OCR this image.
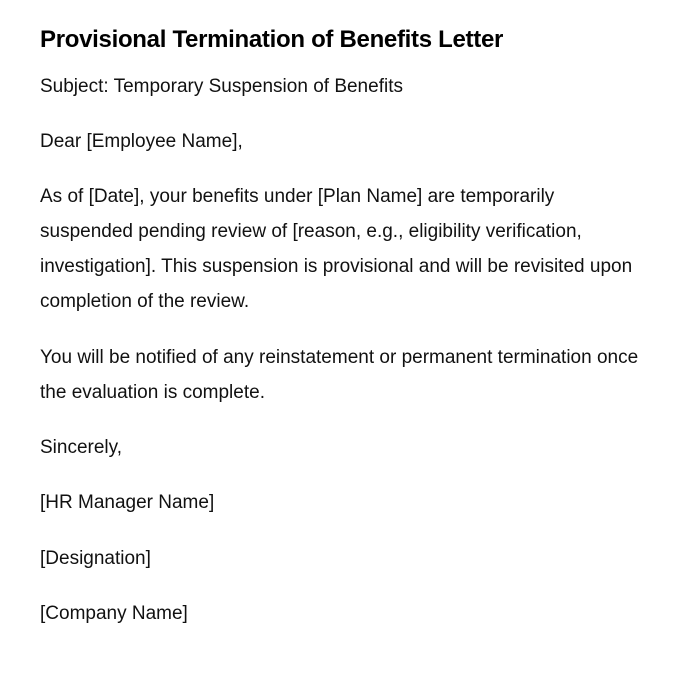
Provisional Termination of Benefits Letter

Subject: Temporary Suspension of Benefits

Dear [Employee Name],

As of [Date], your benefits under [Plan Name] are temporarily suspended pending review of [reason, e.g., eligibility verification, investigation]. This suspension is provisional and will be revisited upon completion of the review.

You will be notified of any reinstatement or permanent termination once the evaluation is complete.

Sincerely,

[HR Manager Name]

[Designation]

[Company Name]
